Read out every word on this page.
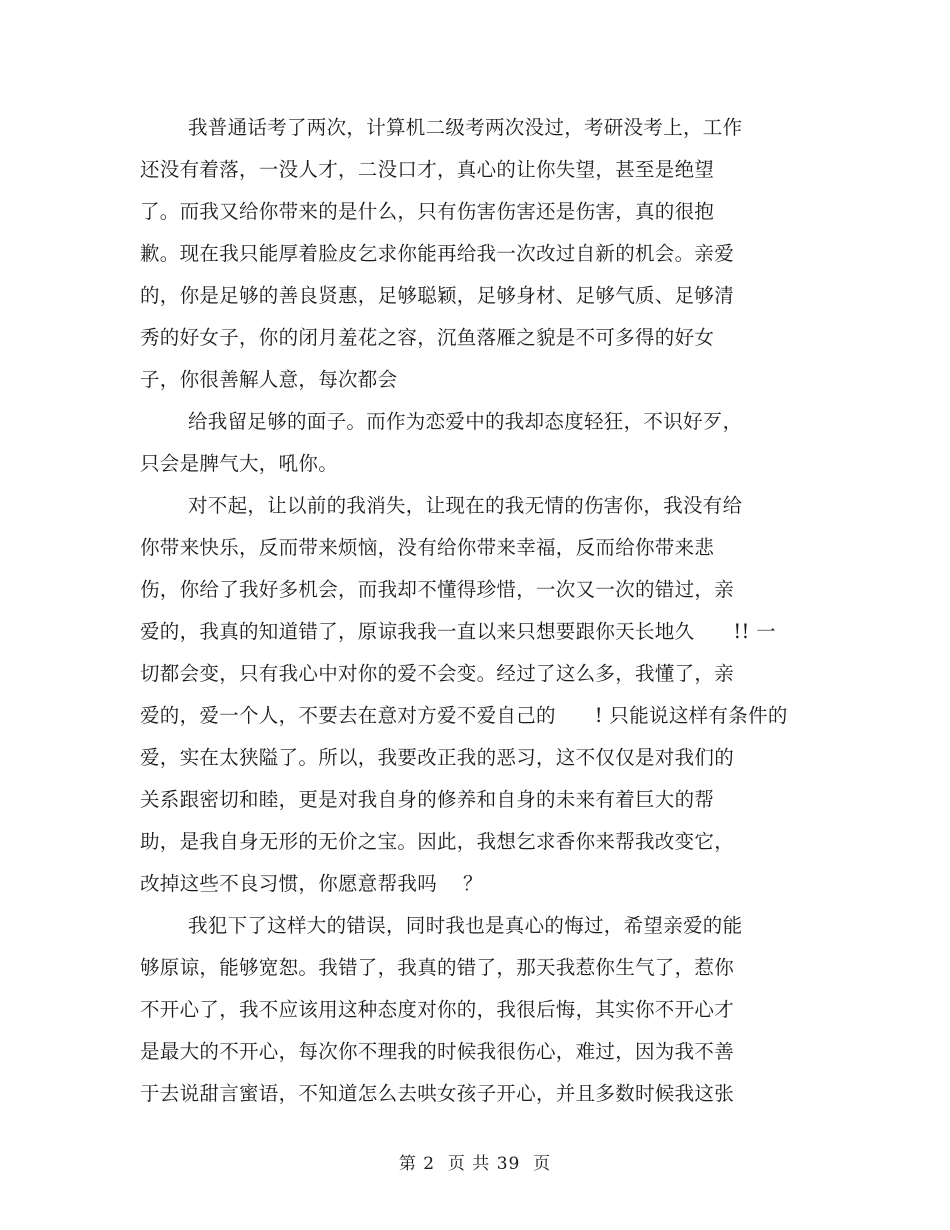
我普通话考了两次，计算机二级考两次没过，考研没考上，工作
还没有着落，一没人才，二没口才，真心的让你失望，甚至是绝望
了。而我又给你带来的是什么，只有伤害伤害还是伤害，真的很抱
歉。现在我只能厚着脸皮乞求你能再给我一次改过自新的机会。亲爱
的，你是足够的善良贤惠，足够聪颖，足够身材、足够气质、足够清
秀的好女子，你的闭月羞花之容，沉鱼落雁之貌是不可多得的好女
子，你很善解人意，每次都会
给我留足够的面子。而作为恋爱中的我却态度轻狂，不识好歹，
只会是脾气大，吼你。
对不起，让以前的我消失，让现在的我无情的伤害你，我没有给
你带来快乐，反而带来烦恼，没有给你带来幸福，反而给你带来悲
伤，你给了我好多机会，而我却不懂得珍惜，一次又一次的错过，亲
爱的，我真的知道错了，原谅我我一直以来只想要跟你天长地久      !! 一
切都会变，只有我心中对你的爱不会变。经过了这么多，我懂了，亲
爱的，爱一个人，不要去在意对方爱不爱自己的      ! 只能说这样有条件的
爱，实在太狭隘了。所以，我要改正我的恶习，这不仅仅是对我们的
关系跟密切和睦，更是对我自身的修养和自身的未来有着巨大的帮
助，是我自身无形的无价之宝。因此，我想乞求香你来帮我改变它，
改掉这些不良习惯，你愿意帮我吗    ？
我犯下了这样大的错误，同时我也是真心的悔过，希望亲爱的能
够原谅，能够宽恕。我错了，我真的错了，那天我惹你生气了，惹你
不开心了，我不应该用这种态度对你的，我很后悔，其实你不开心才
是最大的不开心，每次你不理我的时候我很伤心，难过，因为我不善
于去说甜言蜜语，不知道怎么去哄女孩子开心，并且多数时候我这张
第 2  页 共 39  页
